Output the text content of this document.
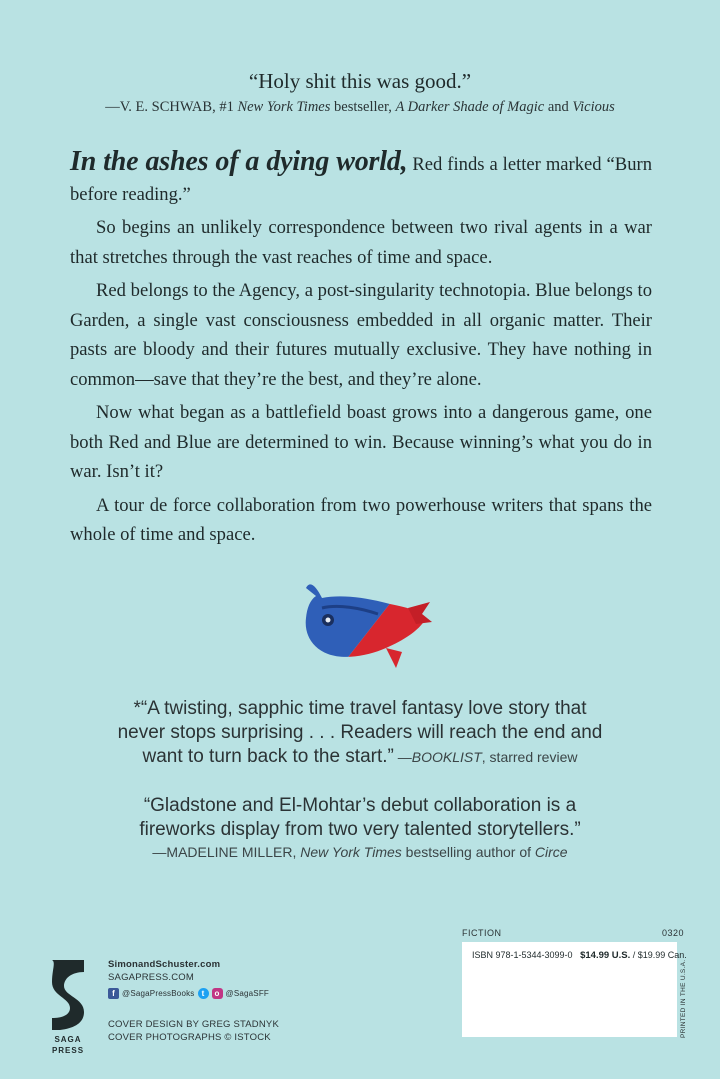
“Holy shit this was good.”
—V. E. SCHWAB, #1 New York Times bestseller, A Darker Shade of Magic and Vicious

In the ashes of a dying world, Red finds a letter marked “Burn before reading.”

So begins an unlikely correspondence between two rival agents in a war that stretches through the vast reaches of time and space.

Red belongs to the Agency, a post-singularity technotopia. Blue belongs to Garden, a single vast consciousness embedded in all organic matter. Their pasts are bloody and their futures mutually exclusive. They have nothing in common—save that they’re the best, and they’re alone.

Now what began as a battlefield boast grows into a dangerous game, one both Red and Blue are determined to win. Because winning’s what you do in war. Isn’t it?

A tour de force collaboration from two powerhouse writers that spans the whole of time and space.

*“A twisting, sapphic time travel fantasy love story that
never stops surprising . . . Readers will reach the end and
want to turn back to the start.” —BOOKLIST, starred review
“Gladstone and El-Mohtar’s debut collaboration is a
fireworks display from two very talented storytellers.”
—MADELINE MILLER, New York Times bestselling author of Circe
SAGA
PRESS
SimonandSchuster.com
SAGAPRESS.COM
f @SagaPressBooks t	o @SagaSFF
COVER DESIGN BY GREG STADNYK
COVER PHOTOGRAPHS © ISTOCK
FICTION	0320
ISBN 978-1-5344-3099-0 $14.99 U.S. / $19.99 Can.
PRINTED IN THE U.S.A.
